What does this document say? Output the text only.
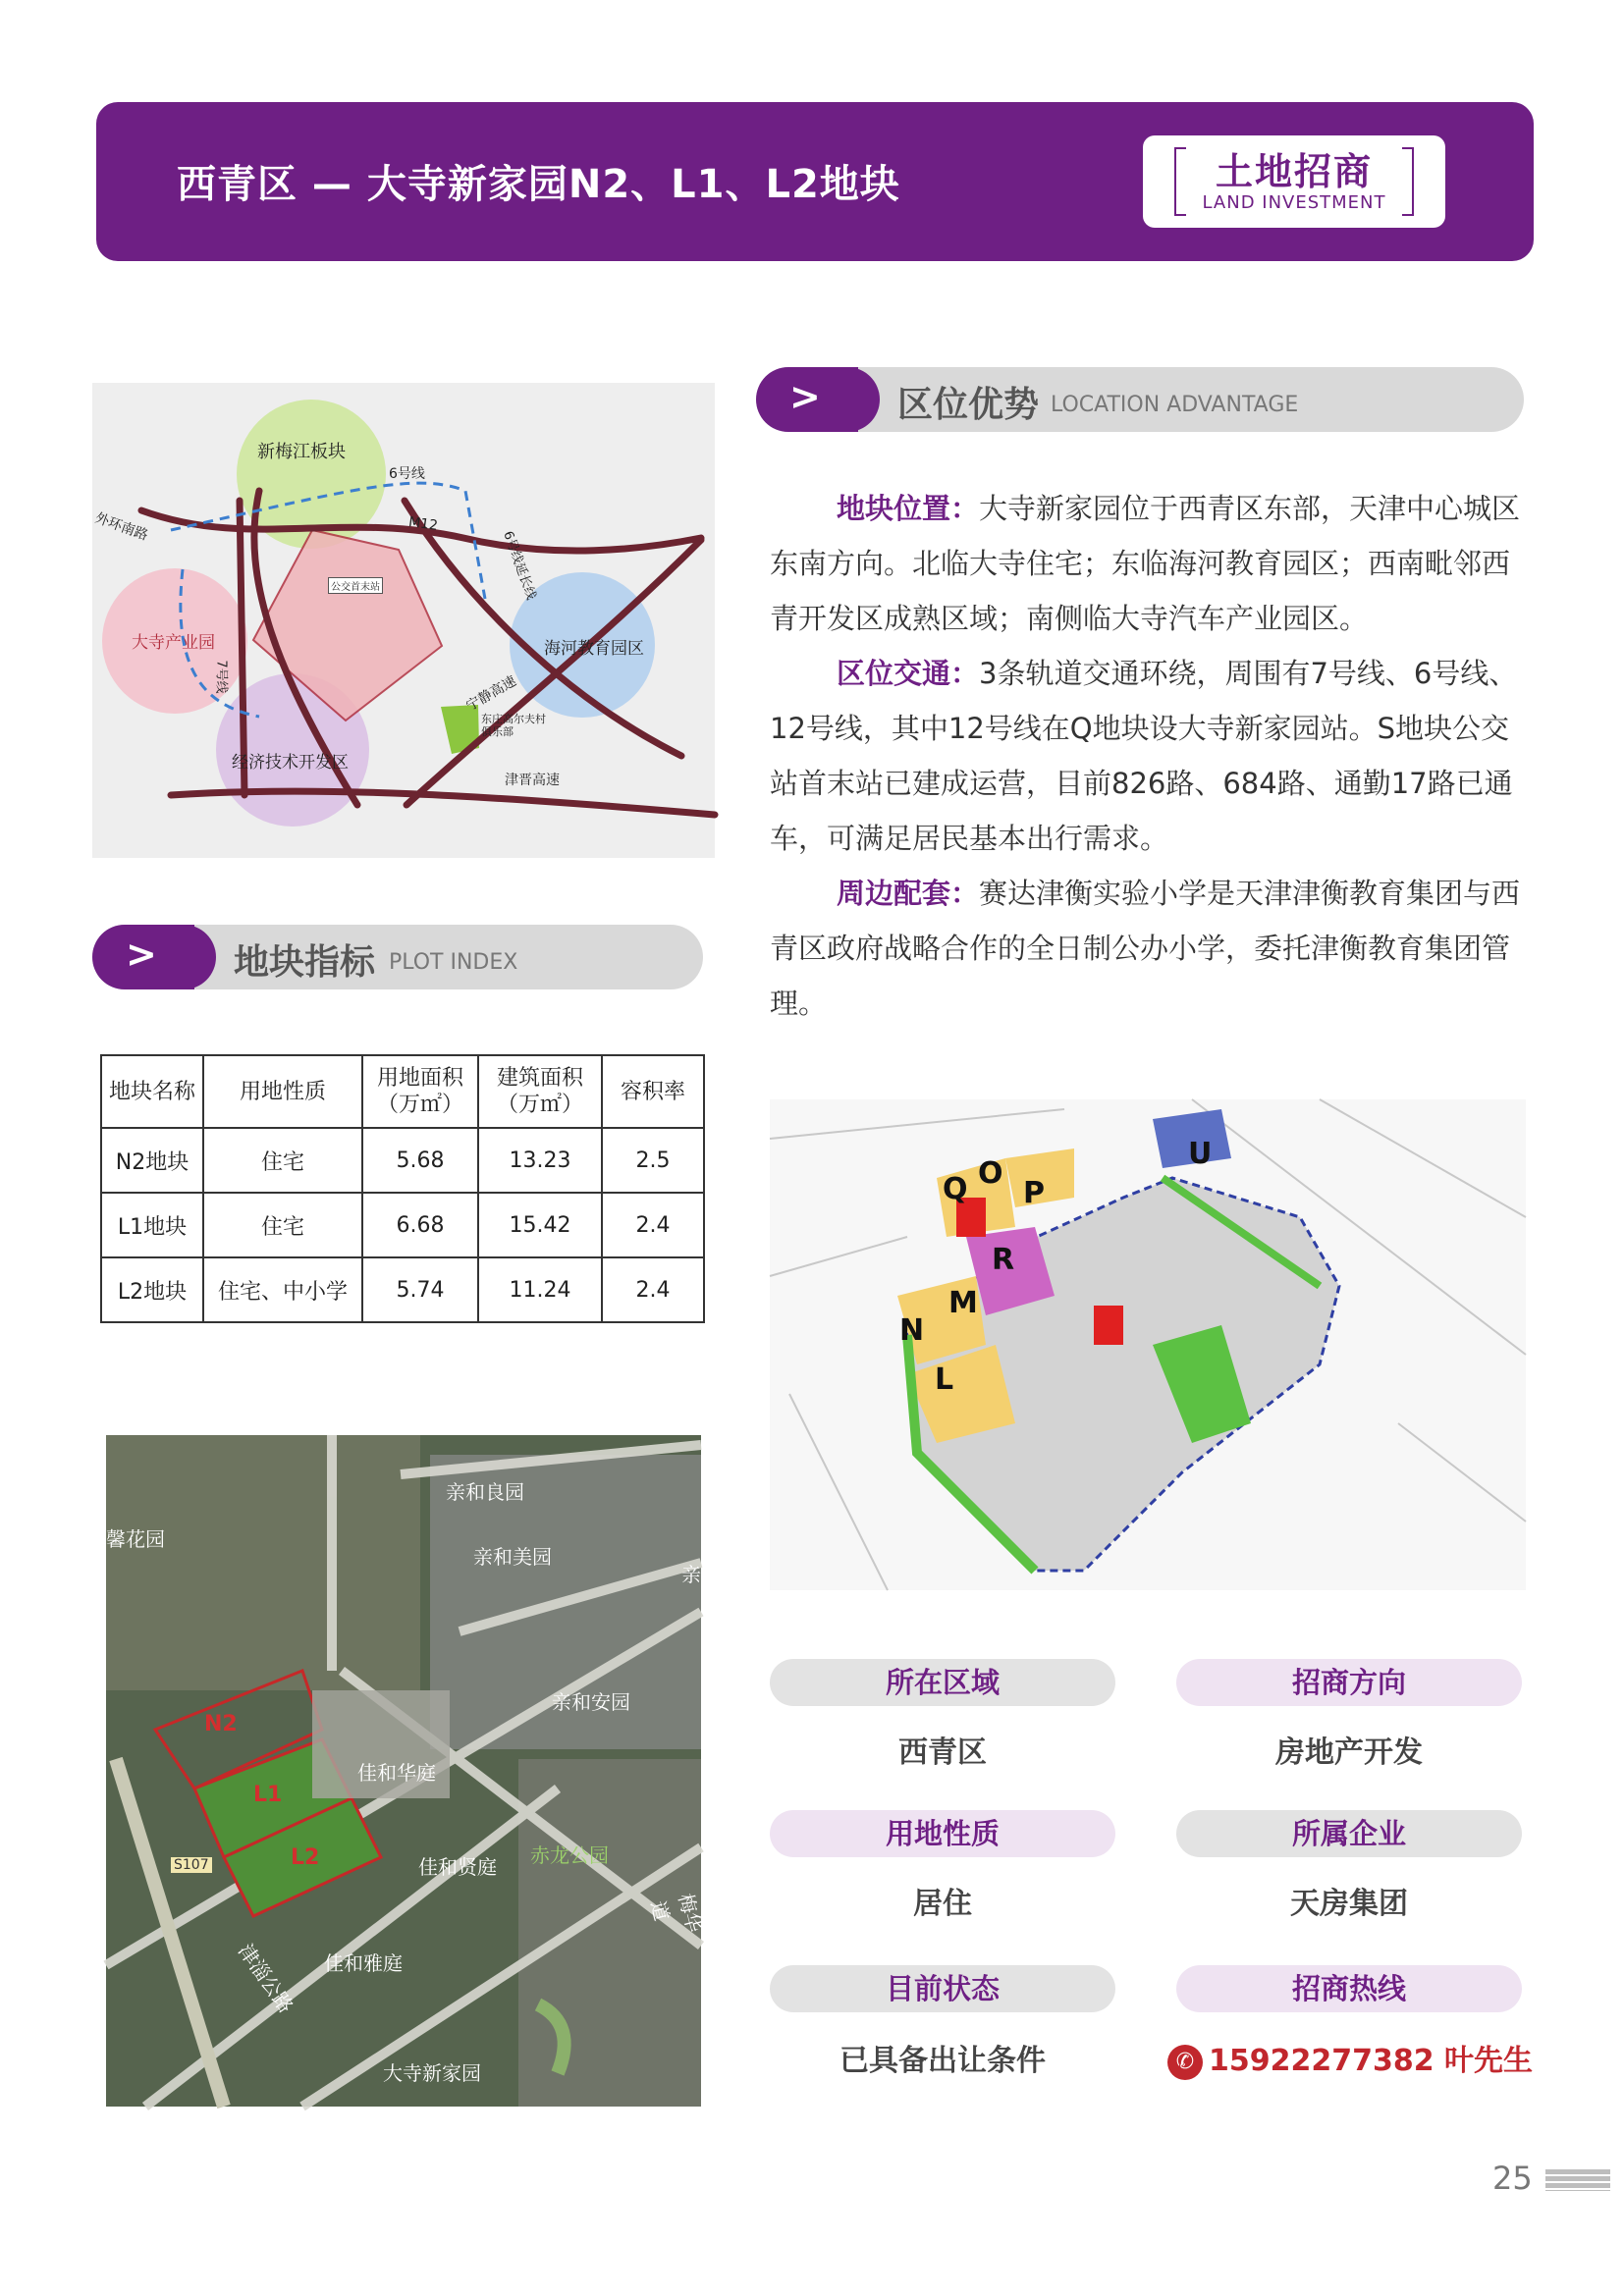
西青区 — 大寺新家园N2、L1、L2地块	土地招商
LAND INVESTMENT
新梅江板块
6号线
M12
外环南路
大寺产业园	海河教育园区
经济技术开发区
宁静高速
津晋高速
6号线延长线
东庄高尔夫村俱乐部
7号线
公交首末站
> 地块指标 PLOT INDEX
地块名称	用地性质	用地面积（万㎡）	建筑面积（万㎡）	容积率
N2地块	住宅	5.68	13.23	2.5
L1地块	住宅	6.68	15.42	2.4
L2地块	住宅、中小学	5.74	11.24	2.4
亲和良园
亲和美园
亲和安园
佳和华庭
佳和贤庭
佳和雅庭
赤龙公园
大寺新家园
津淄公路
梅华道
S107
N2
L1
L2
馨花园
亲
> 区位优势 LOCATION ADVANTAGE

地块位置：大寺新家园位于西青区东部，天津中心城区东南方向。北临大寺住宅；东临海河教育园区；西南毗邻西青开发区成熟区域；南侧临大寺汽车产业园区。

区位交通：3条轨道交通环绕，周围有7号线、6号线、12号线，其中12号线在Q地块设大寺新家园站。S地块公交站首末站已建成运营，目前826路、684路、通勤17路已通车，可满足居民基本出行需求。

周边配套：赛达津衡实验小学是天津津衡教育集团与西青区政府战略合作的全日制公办小学，委托津衡教育集团管理。

Q O
P
U
R
M
N
L
所在区域
西青区
招商方向
房地产开发
用地性质
居住
所属企业
天房集团
目前状态
已具备出让条件
招商热线
✆ 15922277382 叶先生
25
